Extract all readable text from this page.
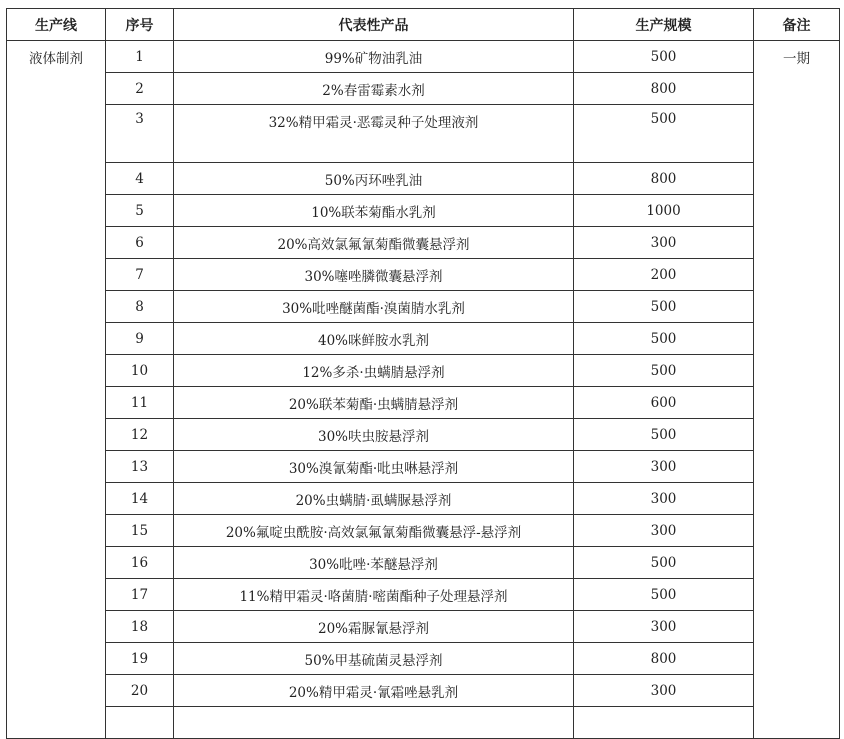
生产线	序号	代表性产品	生产规模	备注
液体制剂	1	99%矿物油乳油	500	一期
	2	2%春雷霉素水剂	800	
	3	32%精甲霜灵·恶霉灵种子处理液剂	500	
	4	50%丙环唑乳油	800	
	5	10%联苯菊酯水乳剂	1000	
	6	20%高效氯氟氰菊酯微囊悬浮剂	300	
	7	30%噻唑膦微囊悬浮剂	200	
	8	30%吡唑醚菌酯·溴菌腈水乳剂	500	
	9	40%咪鲜胺水乳剂	500	
	10	12%多杀·虫螨腈悬浮剂	500	
	11	20%联苯菊酯·虫螨腈悬浮剂	600	
	12	30%呋虫胺悬浮剂	500	
	13	30%溴氰菊酯·吡虫啉悬浮剂	300	
	14	20%虫螨腈·虱螨脲悬浮剂	300	
	15	20%氟啶虫酰胺·高效氯氟氰菊酯微囊悬浮-悬浮剂	300	
	16	30%吡唑·苯醚悬浮剂	500	
	17	11%精甲霜灵·咯菌腈·嘧菌酯种子处理悬浮剂	500	
	18	20%霜脲氰悬浮剂	300	
	19	50%甲基硫菌灵悬浮剂	800	
	20	20%精甲霜灵·氰霜唑悬乳剂	300	
